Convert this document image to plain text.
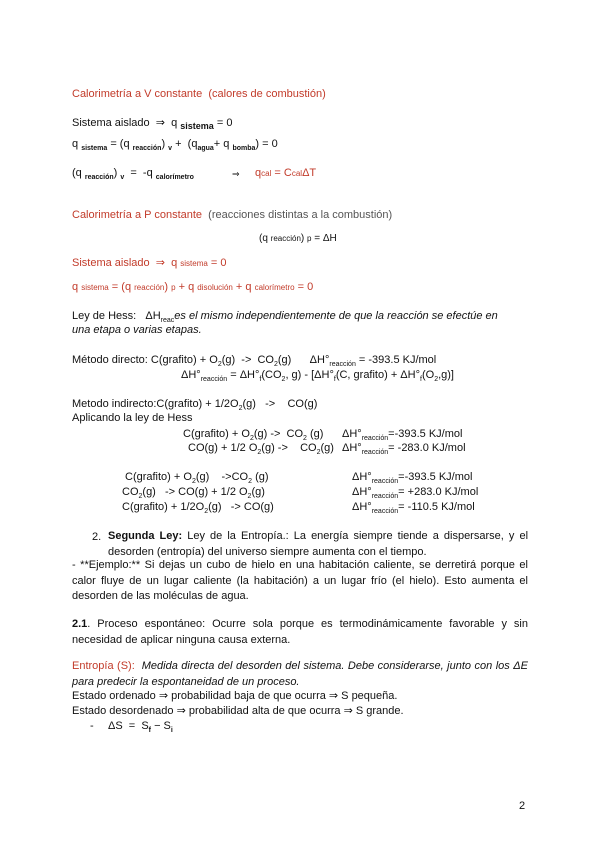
Calorimetría a V constante (calores de combustión)
Sistema aislado  ⇒  q $_{sistema}$ = 0
q $_{sistema}$ = (q $_{reacción}$) $_v + (q_{agua}+ q$ $_{bomba}$) = 0
(q $_{reacción}$) $_v$  =  -q $_{calorímetro}$	⇒ qcal = CcalΔT
Calorimetría a P constante (reacciones distintas a la combustión)
(q reacción) p = ΔH
Sistema aislado  ⇒  q sistema = 0
q sistema = (q reacción) p + q disolución + q calorímetro = 0
Ley de Hess:   $\Delta H_{reac}es$ el mismo independientemente de que la reacción se efectúe en
una etapa o varias etapas.
Método directo: C(grafito) + $O_2(g) -> CO_2(g)$      $\Delta H^\circ_{reacción} = -393.5$ KJ/mol
$\Delta H^\circ_{reacción} = \Delta H^\circ_f(CO_2$, $g) - [\Delta H^\circ_f(C$, grafito) + $\Delta H^\circ_f(O_2,g)$]
Metodo indirecto:C(grafito) + $1/2O_2(g)$   ->    CO(g)
Aplicando la ley de Hess
C(grafito) + $O_2(g) -> CO_2$ (g) $\Delta H^\circ_{reacción}=-393.5$ KJ/mol
CO(g) + 1/2 $O_2(g)$ ->    $CO_2(g)$ $\Delta H^\circ_{reacción}= -283.0$ KJ/mol
C(grafito) + $O_2(g)$    $->CO_2$ (g)	$\Delta H^\circ_{reacción}=-393.5$ KJ/mol
$CO_2(g) -> CO(g) + 1/2$ $O_2(g)$	$\Delta H^\circ_{reacción}= +283.0$ KJ/mol
C(grafito) + $1/2O_2(g) -> CO(g)$	$\Delta H^\circ_{reacción}= -110.5$ KJ/mol
2. Segunda Ley: Ley de la Entropía.: La energía siempre tiende a dispersarse, y el desorden (entropía) del universo siempre aumenta con el tiempo.
- **Ejemplo:** Si dejas un cubo de hielo en una habitación caliente, se derretirá porque el calor fluye de un lugar caliente (la habitación) a un lugar frío (el hielo). Esto aumenta el desorden de las moléculas de agua.
2.1. Proceso espontáneo: Ocurre sola porque es termodinámicamente favorable y sin necesidad de aplicar ninguna causa externa.
Entropía (S): Medida directa del desorden del sistema. Debe considerarse, junto con los ΔE para predecir la espontaneidad de un proceso.
Estado ordenado ⇒ probabilidad baja de que ocurra ⇒ S pequeña.
Estado desordenado ⇒ probabilidad alta de que ocurra ⇒ S grande.
- $\Delta S = S_f - S_i$
2
